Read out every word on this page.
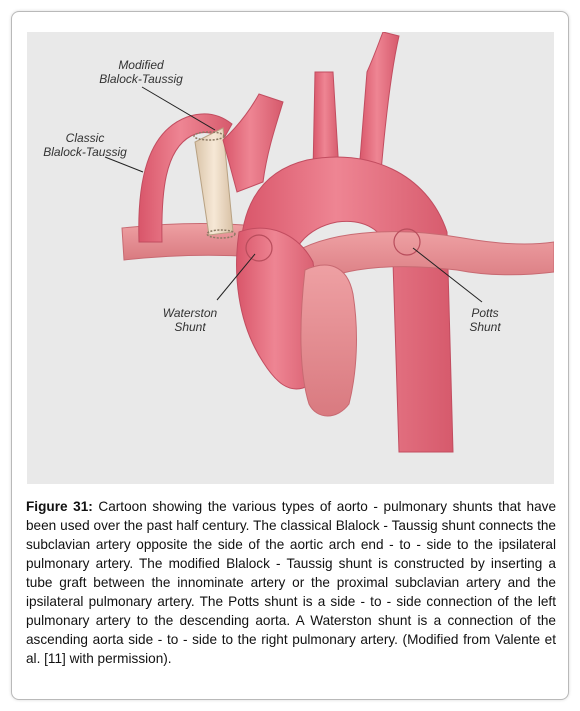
Modified
Blalock-Taussig
Classic
Blalock-Taussig
Waterston
Shunt
Potts
Shunt
Figure 31: Cartoon showing the various types of aorto - pulmonary shunts that have been used over the past half century. The classical Blalock - Taussig shunt connects the subclavian artery opposite the side of the aortic arch end - to - side to the ipsilateral pulmonary artery. The modified Blalock - Taussig shunt is constructed by inserting a tube graft between the innominate artery or the proximal subclavian artery and the ipsilateral pulmonary artery. The Potts shunt is a side - to - side connection of the left pulmonary artery to the descending aorta. A Waterston shunt is a connection of the ascending aorta side - to - side to the right pulmonary artery. (Modified from Valente et al. [11] with permission).
